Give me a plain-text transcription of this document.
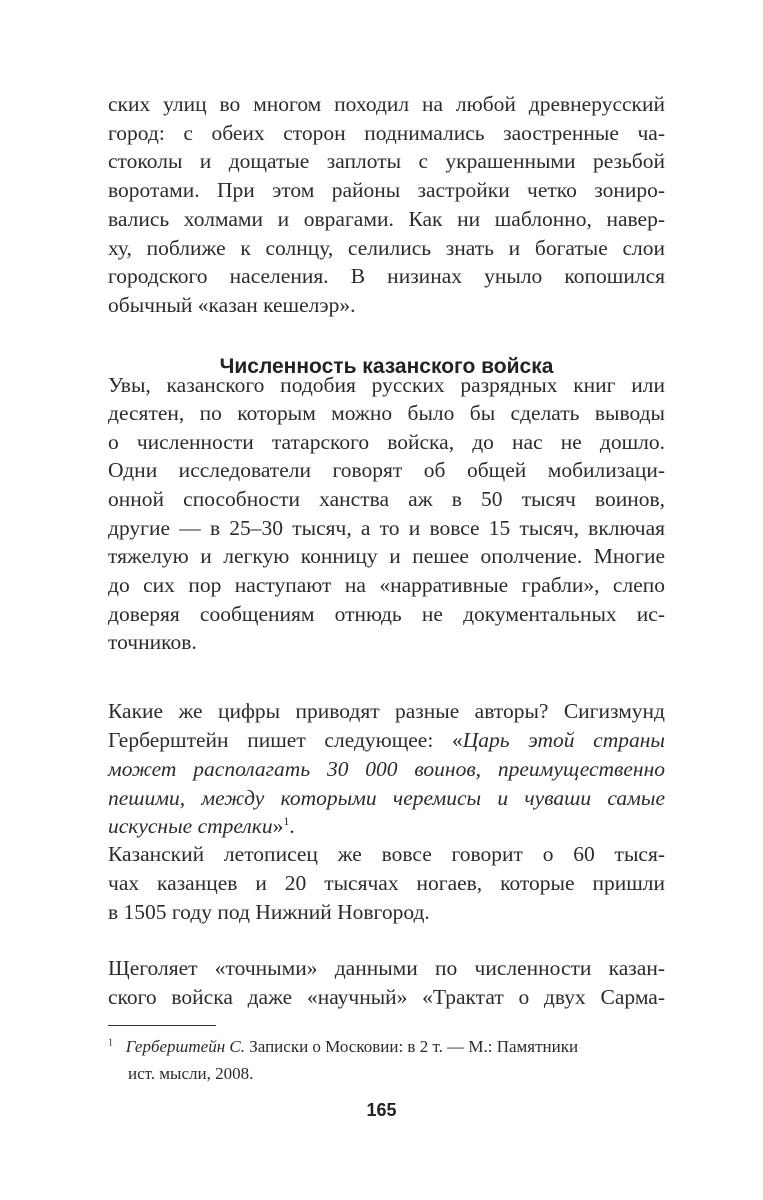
ских улиц во многом походил на любой древнерусский
город: с обеих сторон поднимались заостренные ча-
стоколы и дощатые заплоты с украшенными резьбой
воротами. При этом районы застройки четко зониро-
вались холмами и оврагами. Как ни шаблонно, навер-
ху, поближе к солнцу, селились знать и богатые слои
городского населения. В низинах уныло копошился
обычный «казан кешелэр».
Численность казанского войска
Увы, казанского подобия русских разрядных книг или
десятен, по которым можно было бы сделать выводы
о численности татарского войска, до нас не дошло.
Одни исследователи говорят об общей мобилизаци-
онной способности ханства аж в 50 тысяч воинов,
другие — в 25–30 тысяч, а то и вовсе 15 тысяч, включая
тяжелую и легкую конницу и пешее ополчение. Многие
до сих пор наступают на «нарративные грабли», слепо
доверяя сообщениям отнюдь не документальных ис-
точников.
Какие же цифры приводят разные авторы? Сигизмунд
Герберштейн пишет следующее: «Царь этой страны
может располагать 30 000 воинов, преимущественно
пешими, между которыми черемисы и чуваши самые
искусные стрелки»$^1$.
Казанский летописец же вовсе говорит о 60 тыся-
чах казанцев и 20 тысячах ногаев, которые пришли
в 1505 году под Нижний Новгород.
Щеголяет «точными» данными по численности казан-
ского войска даже «научный» «Трактат о двух Сарма-
$^1$ Герберштейн С. Записки о Московии: в 2 т. — М.: Памятники
ист. мысли, 2008.
165
